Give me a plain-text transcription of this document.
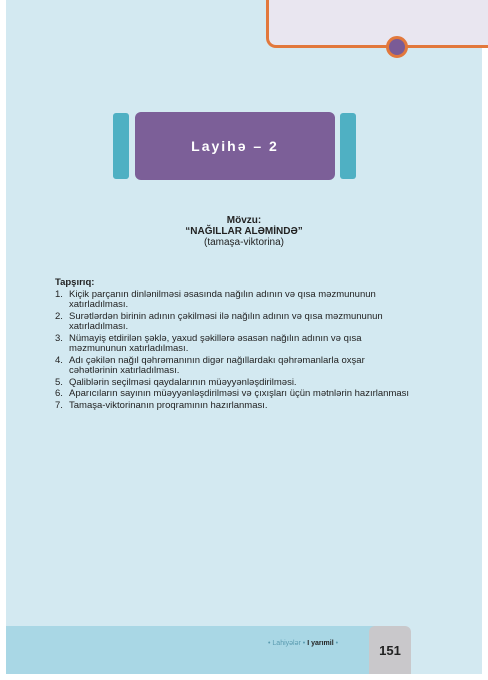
Layihə – 2
Mövzu:
“NAĞILLAR ALƏMİNDƏ”
(tamaşa-viktorina)
Tapşırıq:
1. Kiçik parçanın dinlənilməsi əsasında nağılın adının və qısa məzmununun xatırladılması.
2. Surətlərdən birinin adının çəkilməsi ilə nağılın adının və qısa məzmununun xatırladılması.
3. Nümayiş etdirilən şəklə, yaxud şəkillərə əsasən nağılın adının və qısa məzmununun xatırladılması.
4. Adı çəkilən nağıl qəhrəmanının digər nağıllardakı qəhrəmanlarla oxşar cəhətlərinin xatırladılması.
5. Qaliblərin seçilməsi qaydalarının müəyyənləşdirilməsi.
6. Aparıcıların sayının müəyyənləşdirilməsi və çıxışları üçün mətnlərin hazırlanması
7. Tamaşa-viktorinanın proqramının hazırlanması.
• Lahiyələr • I yarımil •	151
